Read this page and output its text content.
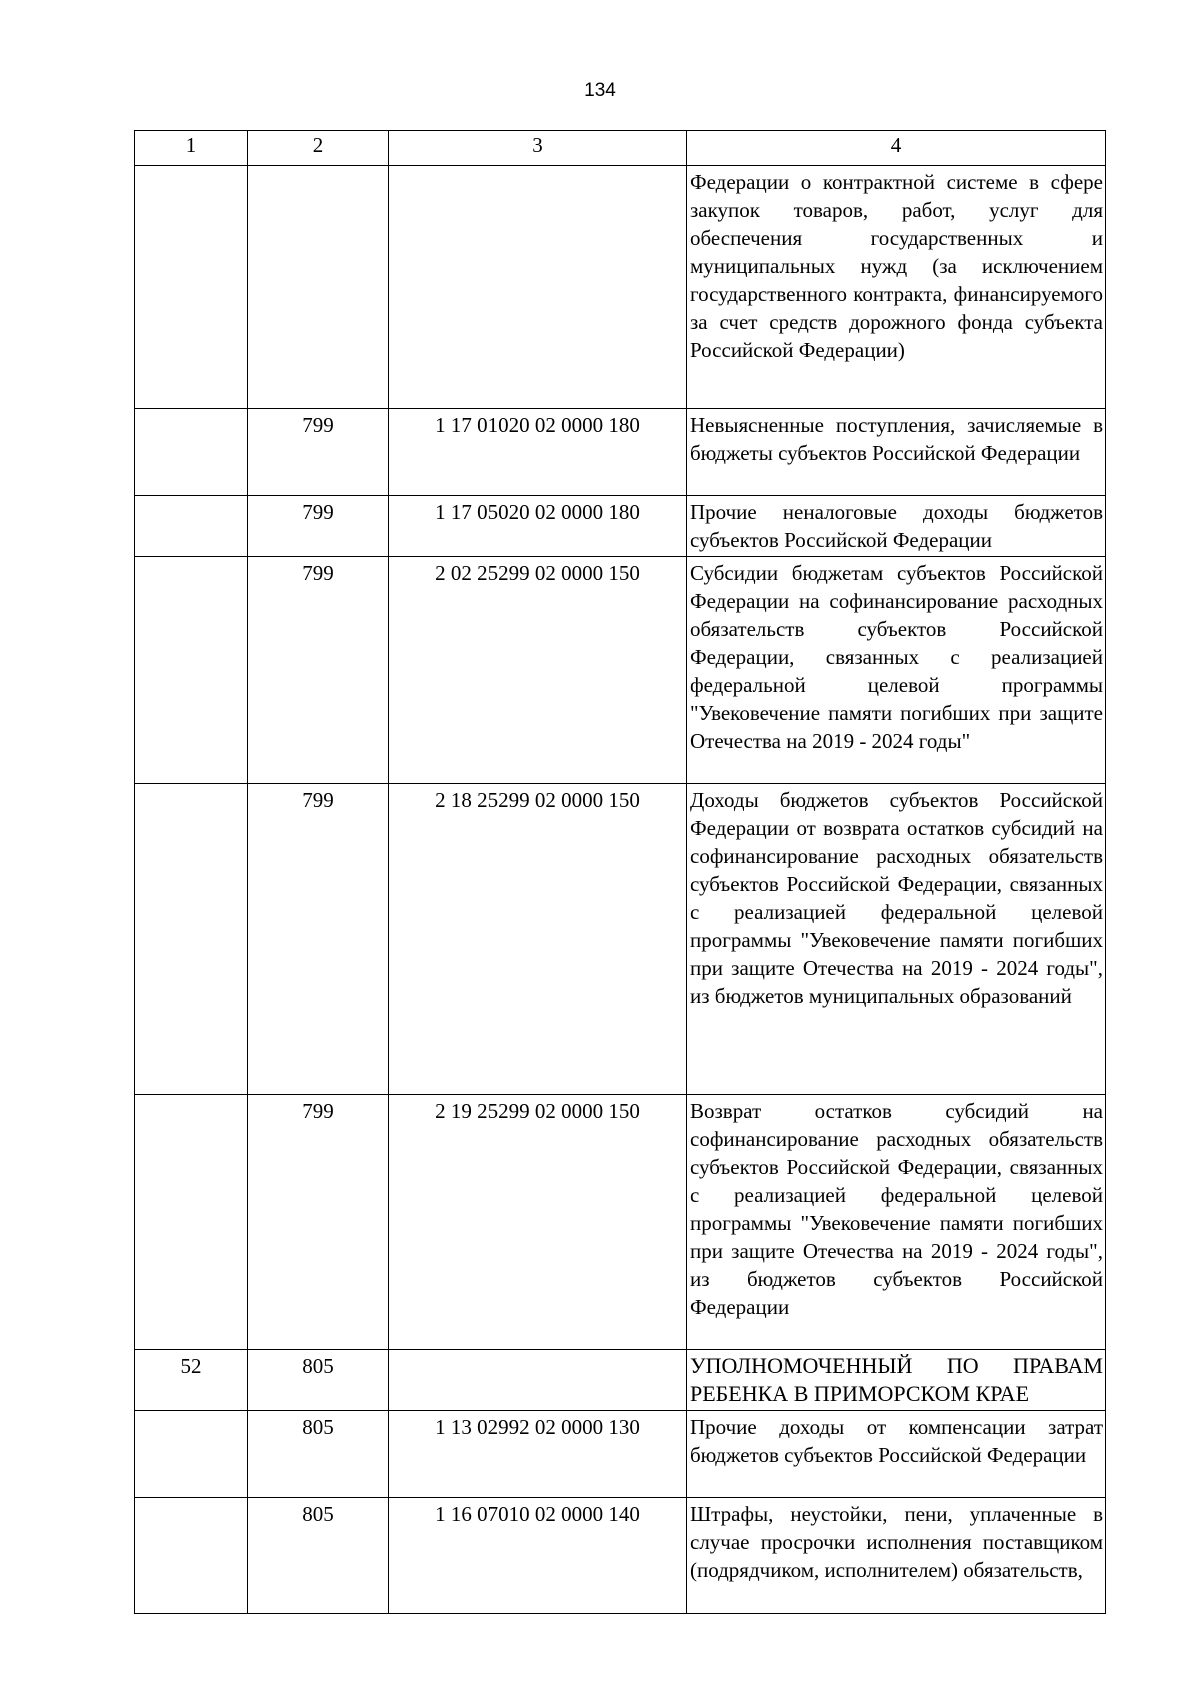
134
1	2	3	4

			Федерации о контрактной системе в сфере закупок товаров, работ, услуг для обеспечения государственных и муниципальных нужд (за исключением государственного контракта, финансируемого за счет средств дорожного фонда субъекта Российской Федерации)

	799	1 17 01020 02 0000 180	Невыясненные поступления, зачисляемые в бюджеты субъектов Российской Федерации

	799	1 17 05020 02 0000 180	Прочие неналоговые доходы бюджетов субъектов Российской Федерации

	799	2 02 25299 02 0000 150	Субсидии бюджетам субъектов Российской Федерации на софинансирование расходных обязательств субъектов Российской Федерации, связанных с реализацией федеральной целевой программы "Увековечение памяти погибших при защите Отечества на 2019 - 2024 годы"

	799	2 18 25299 02 0000 150	Доходы бюджетов субъектов Российской Федерации от возврата остатков субсидий на софинансирование расходных обязательств субъектов Российской Федерации, связанных с реализацией федеральной целевой программы "Увековечение памяти погибших при защите Отечества на 2019 - 2024 годы", из бюджетов муниципальных образований

	799	2 19 25299 02 0000 150	Возврат остатков субсидий на софинансирование расходных обязательств субъектов Российской Федерации, связанных с реализацией федеральной целевой программы "Увековечение памяти погибших при защите Отечества на 2019 - 2024 годы", из бюджетов субъектов Российской Федерации

52	805		УПОЛНОМОЧЕННЫЙ ПО ПРАВАМ РЕБЕНКА В ПРИМОРСКОМ КРАЕ

	805	1 13 02992 02 0000 130	Прочие доходы от компенсации затрат бюджетов субъектов Российской Федерации

	805	1 16 07010 02 0000 140	Штрафы, неустойки, пени, уплаченные в случае просрочки исполнения поставщиком (подрядчиком, исполнителем) обязательств,
